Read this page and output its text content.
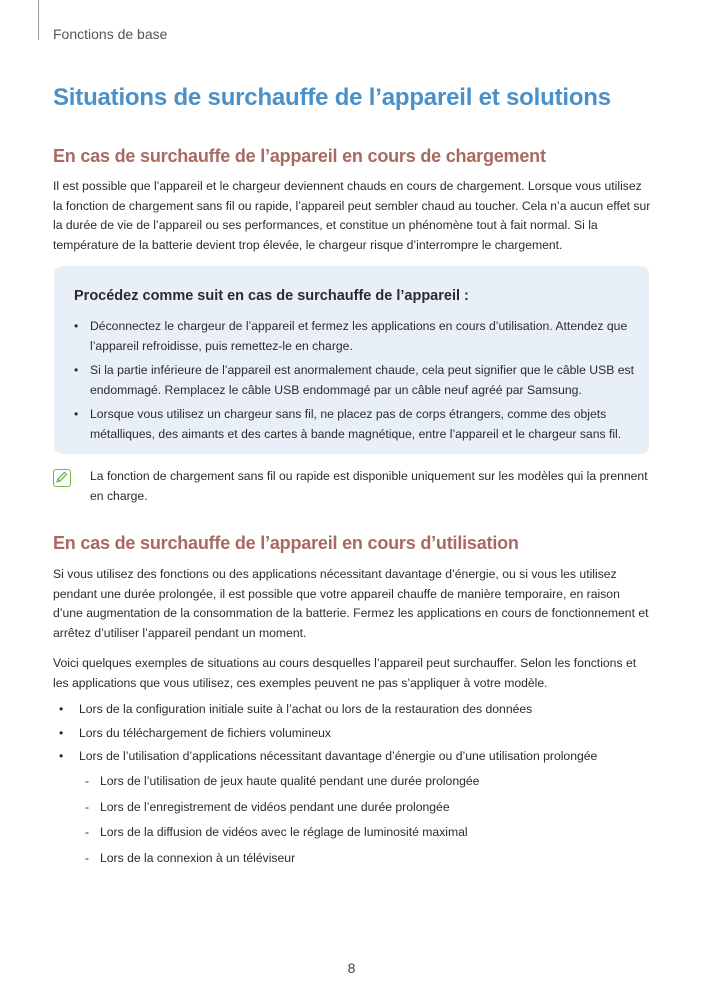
Fonctions de base
Situations de surchauffe de l’appareil et solutions
En cas de surchauffe de l’appareil en cours de chargement

Il est possible que l’appareil et le chargeur deviennent chauds en cours de chargement. Lorsque vous utilisez la fonction de chargement sans fil ou rapide, l’appareil peut sembler chaud au toucher. Cela n’a aucun effet sur la durée de vie de l’appareil ou ses performances, et constitue un phénomène tout à fait normal. Si la température de la batterie devient trop élevée, le chargeur risque d’interrompre le chargement.

Procédez comme suit en cas de surchauffe de l’appareil :
• Déconnectez le chargeur de l’appareil et fermez les applications en cours d’utilisation. Attendez que l’appareil refroidisse, puis remettez-le en charge.
• Si la partie inférieure de l’appareil est anormalement chaude, cela peut signifier que le câble USB est endommagé. Remplacez le câble USB endommagé par un câble neuf agréé par Samsung.
• Lorsque vous utilisez un chargeur sans fil, ne placez pas de corps étrangers, comme des objets métalliques, des aimants et des cartes à bande magnétique, entre l’appareil et le chargeur sans fil.

La fonction de chargement sans fil ou rapide est disponible uniquement sur les modèles qui la prennent en charge.

En cas de surchauffe de l’appareil en cours d’utilisation

Si vous utilisez des fonctions ou des applications nécessitant davantage d’énergie, ou si vous les utilisez pendant une durée prolongée, il est possible que votre appareil chauffe de manière temporaire, en raison d’une augmentation de la consommation de la batterie. Fermez les applications en cours de fonctionnement et arrêtez d’utiliser l’appareil pendant un moment.

Voici quelques exemples de situations au cours desquelles l’appareil peut surchauffer. Selon les fonctions et les applications que vous utilisez, ces exemples peuvent ne pas s’appliquer à votre modèle.

• Lors de la configuration initiale suite à l’achat ou lors de la restauration des données
• Lors du téléchargement de fichiers volumineux
• Lors de l’utilisation d’applications nécessitant davantage d’énergie ou d’une utilisation prolongée
- Lors de l’utilisation de jeux haute qualité pendant une durée prolongée
- Lors de l’enregistrement de vidéos pendant une durée prolongée
- Lors de la diffusion de vidéos avec le réglage de luminosité maximal
- Lors de la connexion à un téléviseur
8
